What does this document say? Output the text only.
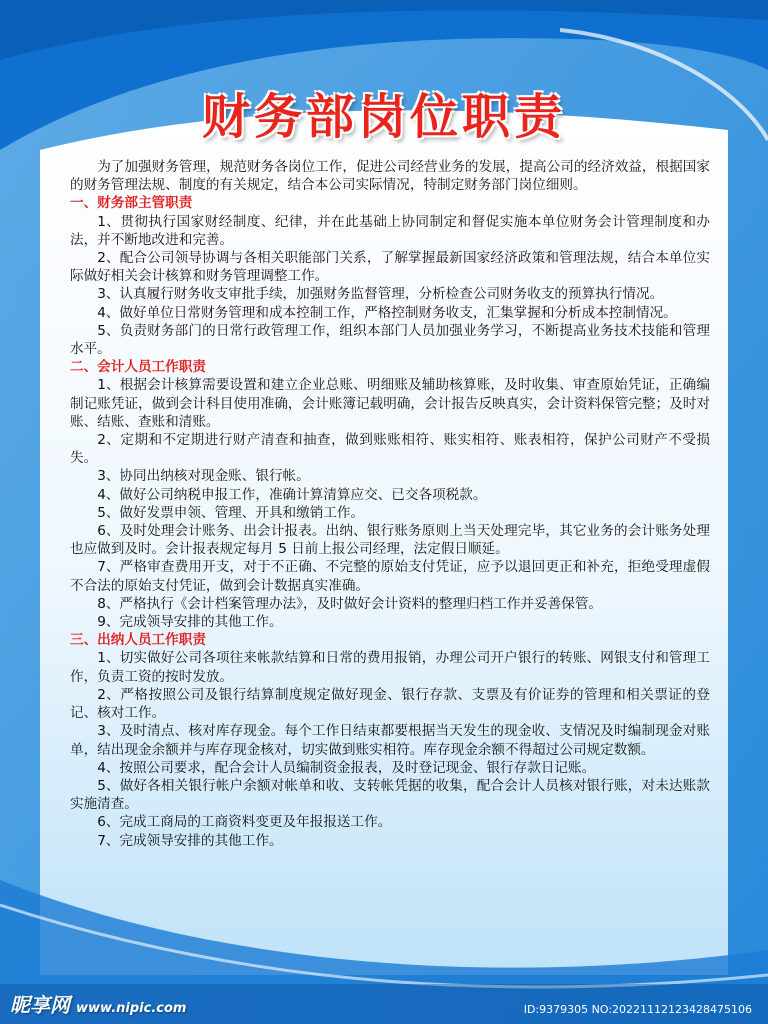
财务部岗位职责

为了加强财务管理，规范财务各岗位工作，促进公司经营业务的发展，提高公司的经济效益，根据国家的财务管理法规、制度的有关规定，结合本公司实际情况，特制定财务部门岗位细则。

一、财务部主管职责

1、贯彻执行国家财经制度、纪律，并在此基础上协同制定和督促实施本单位财务会计管理制度和办法，并不断地改进和完善。

2、配合公司领导协调与各相关职能部门关系，了解掌握最新国家经济政策和管理法规，结合本单位实际做好相关会计核算和财务管理调整工作。

3、认真履行财务收支审批手续，加强财务监督管理，分析检查公司财务收支的预算执行情况。

4、做好单位日常财务管理和成本控制工作，严格控制财务收支，汇集掌握和分析成本控制情况。

5、负责财务部门的日常行政管理工作，组织本部门人员加强业务学习，不断提高业务技术技能和管理水平。

二、会计人员工作职责

1、根据会计核算需要设置和建立企业总账、明细账及辅助核算账，及时收集、审查原始凭证，正确编制记账凭证，做到会计科目使用准确，会计账簿记载明确，会计报告反映真实，会计资料保管完整；及时对账、结账、查账和清账。

2、定期和不定期进行财产清查和抽查，做到账账相符、账实相符、账表相符，保护公司财产不受损失。

3、协同出纳核对现金账、银行帐。

4、做好公司纳税申报工作，准确计算清算应交、已交各项税款。

5、做好发票申领、管理、开具和缴销工作。

6、及时处理会计账务、出会计报表。出纳、银行账务原则上当天处理完毕，其它业务的会计账务处理也应做到及时。会计报表规定每月 5 日前上报公司经理，法定假日顺延。

7、严格审查费用开支，对于不正确、不完整的原始支付凭证，应予以退回更正和补充，拒绝受理虚假不合法的原始支付凭证，做到会计数据真实准确。

8、严格执行《会计档案管理办法》，及时做好会计资料的整理归档工作并妥善保管。

9、完成领导安排的其他工作。

三、出纳人员工作职责

1、切实做好公司各项往来帐款结算和日常的费用报销，办理公司开户银行的转账、网银支付和管理工作，负责工资的按时发放。

2、严格按照公司及银行结算制度规定做好现金、银行存款、支票及有价证券的管理和相关票证的登记、核对工作。

3、及时清点、核对库存现金。每个工作日结束都要根据当天发生的现金收、支情况及时编制现金对账单，结出现金余额并与库存现金核对，切实做到账实相符。库存现金余额不得超过公司规定数额。

4、按照公司要求，配合会计人员编制资金报表，及时登记现金、银行存款日记账。

5、做好各相关银行帐户余额对帐单和收、支转帐凭据的收集，配合会计人员核对银行账，对未达账款实施清查。

6、完成工商局的工商资料变更及年报报送工作。

7、完成领导安排的其他工作。

昵享网 www.nipic.com	ID:9379305 NO:20221112123428475106
